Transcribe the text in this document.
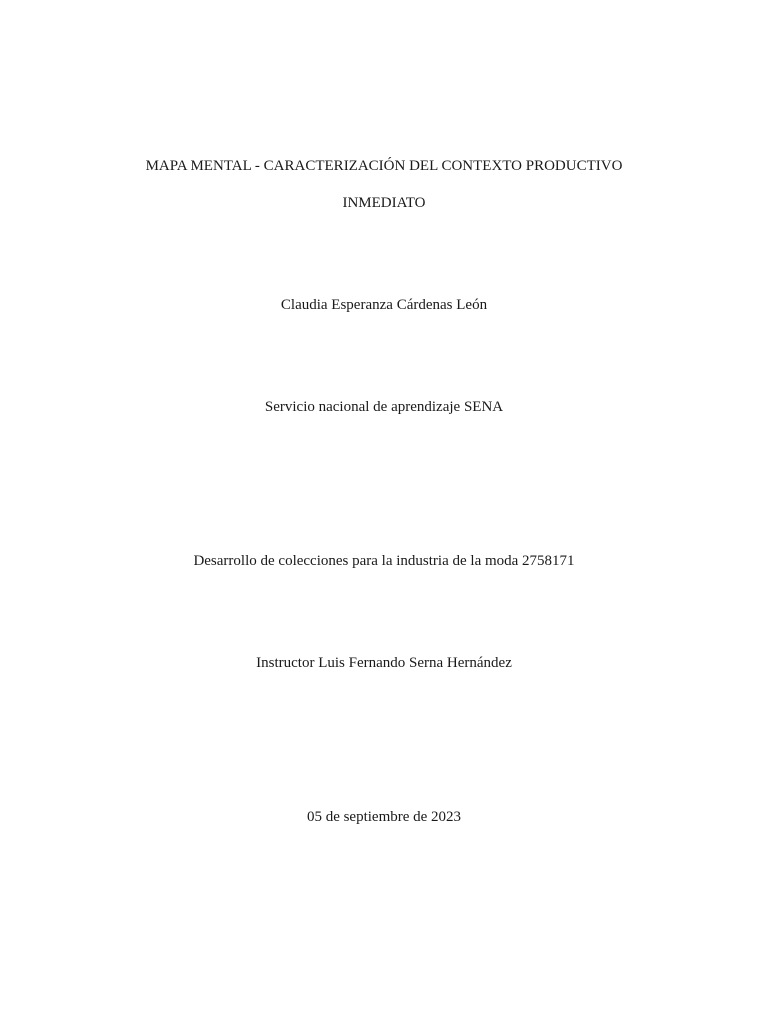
MAPA MENTAL - CARACTERIZACIÓN DEL CONTEXTO PRODUCTIVO
INMEDIATO
Claudia Esperanza Cárdenas León
Servicio nacional de aprendizaje SENA
Desarrollo de colecciones para la industria de la moda 2758171
Instructor Luis Fernando Serna Hernández
05 de septiembre de 2023
